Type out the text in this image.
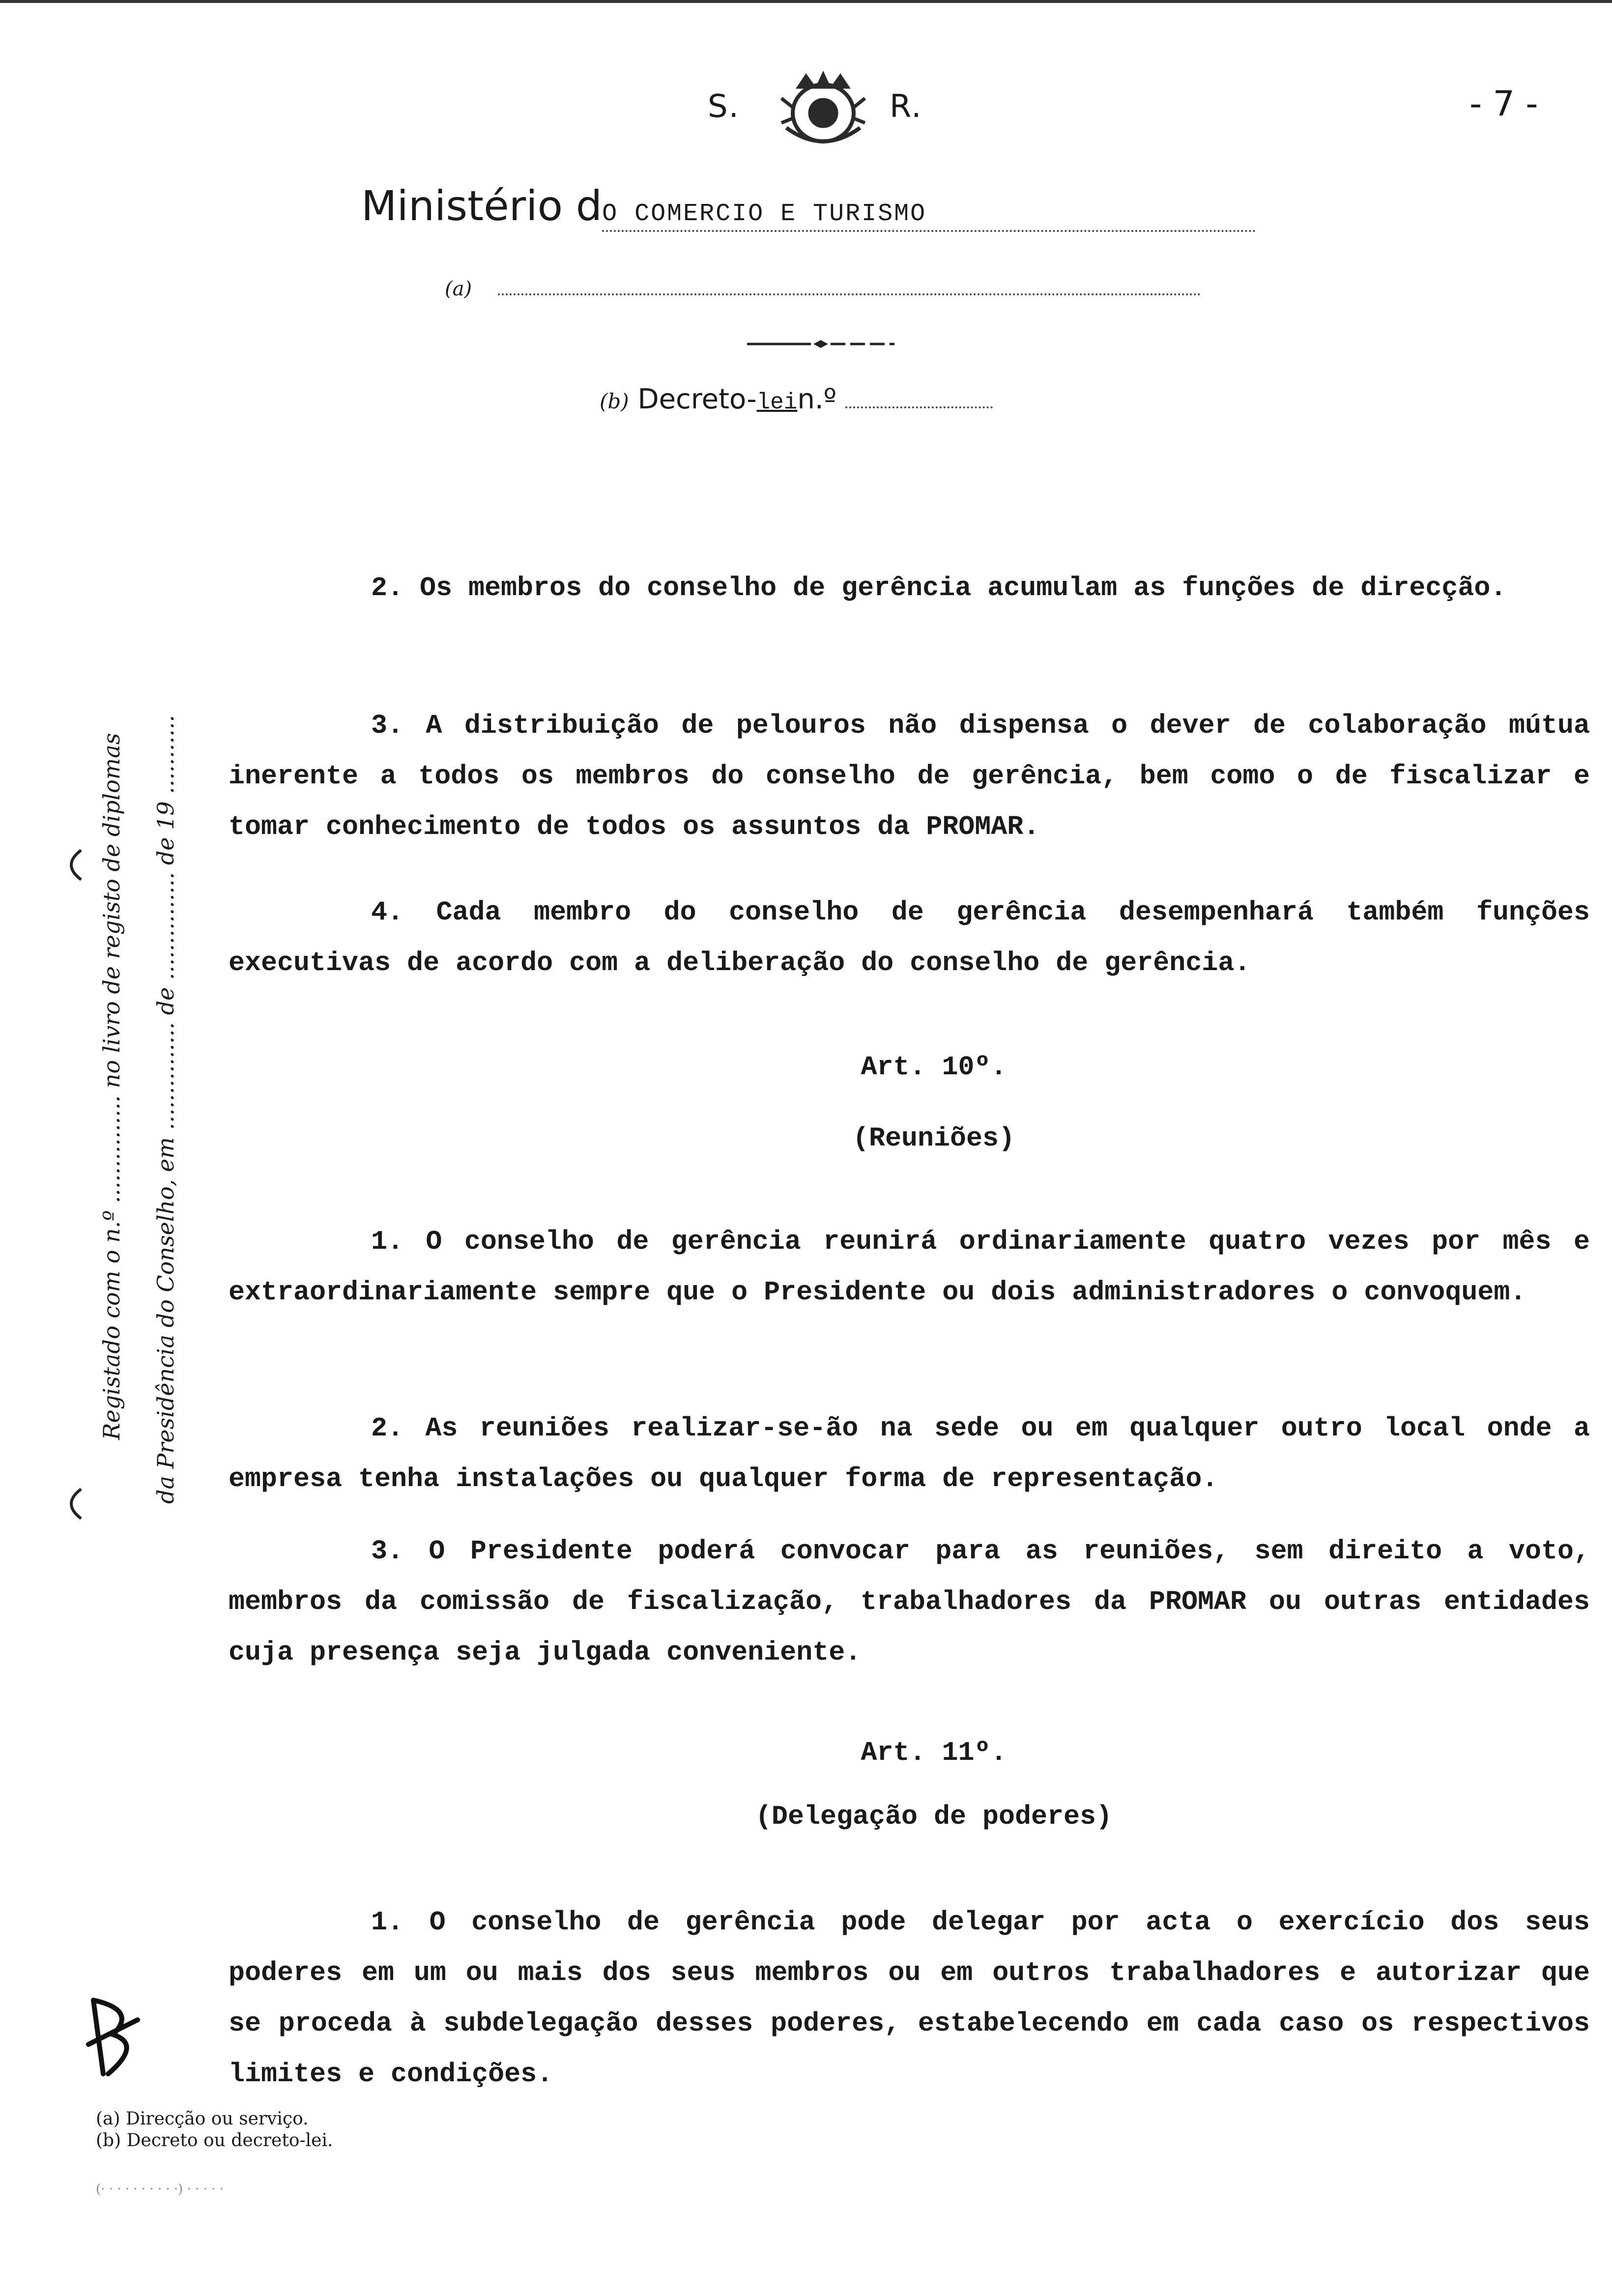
S.	R.	- 7 -
Ministério dO COMERCIO E TURISMO
(a)
(b) Decreto-lein.º
Registado com o n.º ............... no livro de registo de diplomas da Presidência do Conselho, em ............... de ............... de 19 ...........

2. Os membros do conselho de gerência acumulam as funções de direcção.

3. A distribuição de pelouros não dispensa o dever de colaboração mútua inerente a todos os membros do conselho de gerência, bem como o de fiscalizar e tomar conhecimento de todos os assuntos da PROMAR.

4. Cada membro do conselho de gerência desempenhará também funções executivas de acordo com a deliberação do conselho de gerência.

Art. 10º.
(Reuniões)

1. O conselho de gerência reunirá ordinariamente quatro vezes por mês e extraordinariamente sempre que o Presidente ou dois administradores o convoquem.

2. As reuniões realizar-se-ão na sede ou em qualquer outro local onde a empresa tenha instalações ou qualquer forma de representação.

3. O Presidente poderá convocar para as reuniões, sem direito a voto, membros da comissão de fiscalização, trabalhadores da PROMAR ou outras entidades cuja presença seja julgada conveniente.

Art. 11º.
(Delegação de poderes)

1. O conselho de gerência pode delegar por acta o exercício dos seus poderes em um ou mais dos seus membros ou em outros trabalhadores e autorizar que se proceda à subdelegação desses poderes, estabelecendo em cada caso os respectivos limites e condições.

(a) Direcção ou serviço.
(b) Decreto ou decreto-lei.
(· · · · · · · · · ·) · · · · ·
